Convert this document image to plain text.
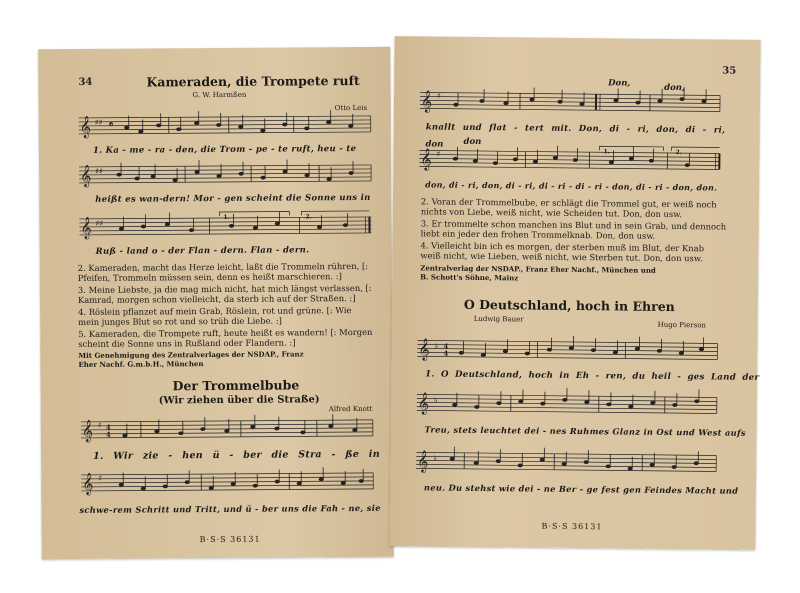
34	Kameraden, die Trompete ruft
G. W. Harmßen
Otto Leis
𝄞 ♯♯ 𝄴
1. Ka - me - ra - den, die Trom - pe - te ruft, heu - te
𝄞 ♯♯
heißt es wan-dern! Mor - gen scheint die Sonne uns in
𝄞 ♯♯
1.	2.
Ruß - land o - der Flan - dern. Flan - dern.
2. Kameraden, macht das Herze leicht, laßt die Trommeln rühren, [: Pfeifen, Trommeln müssen sein, denn es heißt marschieren. :]
3. Meine Liebste, ja die mag mich nicht, hat mich längst verlassen, [: Kamrad, morgen schon vielleicht, da sterb ich auf der Straßen. :]
4. Röslein pflanzet auf mein Grab, Röslein, rot und grüne. [: Wie mein junges Blut so rot und so trüb die Liebe. :]
5. Kameraden, die Trompete ruft, heute heißt es wandern! [: Morgen scheint die Sonne uns in Rußland oder Flandern. :]
Mit Genehmigung des Zentralverlages der NSDAP., Franz Eher Nachf. G.m.b.H., München
Der Trommelbube
(Wir ziehen über die Straße)
Alfred Knott
𝄞 ♯ 4
4
1. Wir zie - hen ü - ber die Stra - ße in
𝄞 ♯
schwe-rem Schritt und Tritt, und ü - ber uns die Fah - ne, sie
B·S·S 36131
35
Don,	don,
𝄞 ♯
knallt und flat - tert mit. Don, di - ri, don, di - ri,
don don
𝄞 ♯	1.	2.
don, di - ri, don, di - ri, di - ri - di - ri - don, di - ri - don, don.
2. Voran der Trommelbube, er schlägt die Trommel gut, er weiß noch nichts von Liebe, weiß nicht, wie Scheiden tut. Don, don usw.
3. Er trommelte schon manchen ins Blut und in sein Grab, und dennoch liebt ein jeder den frohen Trommelknab. Don, don usw.
4. Vielleicht bin ich es morgen, der sterben muß im Blut, der Knab weiß nicht, wie Lieben, weiß nicht, wie Sterben tut. Don, don usw.
Zentralverlag der NSDAP., Franz Eher Nachf., München und B. Schott's Söhne, Mainz
O Deutschland, hoch in Ehren
Ludwig Bauer
Hugo Pierson
𝄞 ♭ 4
4
1. O Deutschland, hoch in Eh - ren, du heil - ges Land der
𝄞 ♭
Treu, stets leuchtet dei - nes Ruhmes Glanz in Ost und West aufs
𝄞 ♭
neu. Du stehst wie dei - ne Ber - ge fest gen Feindes Macht und
B·S·S 36131
